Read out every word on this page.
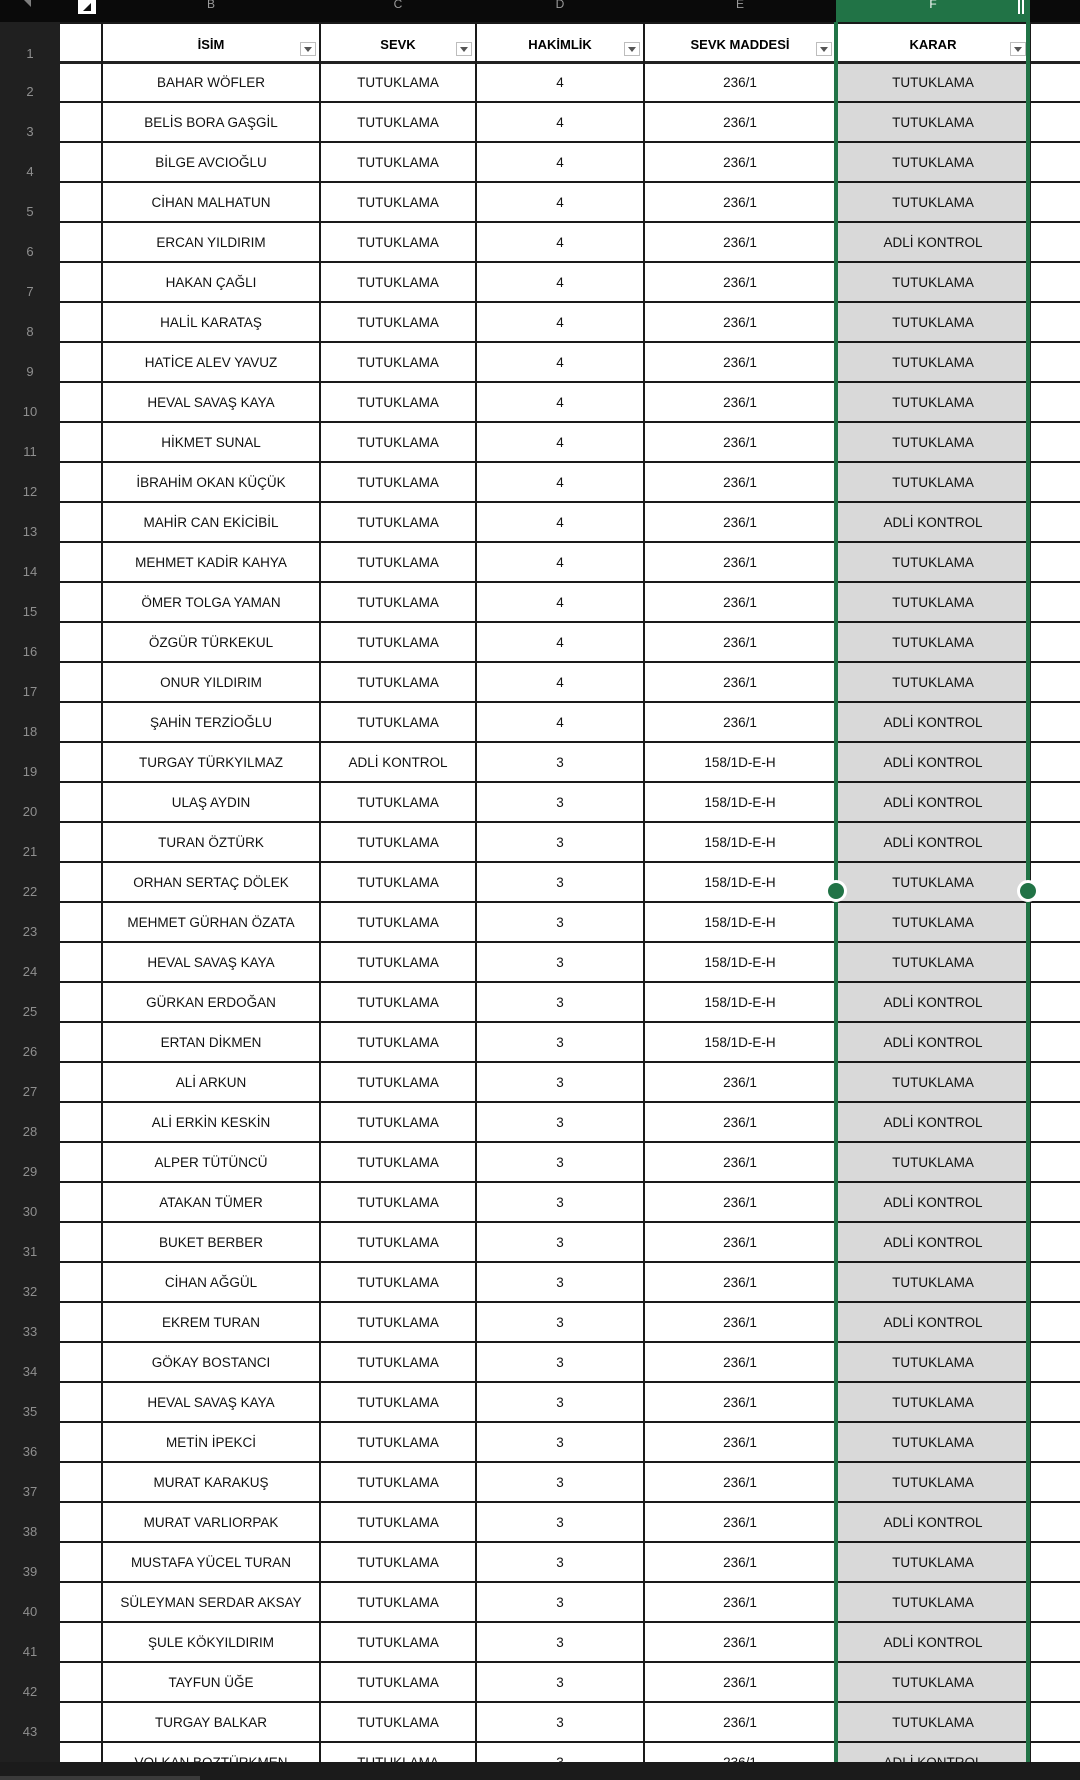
B	C	D	E	F
1
2
3
4
5
6
7
8
9
10
11
12
13
14
15
16
17
18
19
20
21
22
23
24
25
26
27
28
29
30
31
32
33
34
35
36
37
38
39
40
41
42
43
İSİM	SEVK	HAKİMLİK	SEVK MADDESİ	KARAR
BAHAR WÖFLER	TUTUKLAMA	4	236/1	TUTUKLAMA
BELİS BORA GAŞGİL	TUTUKLAMA	4	236/1	TUTUKLAMA
BİLGE AVCIOĞLU	TUTUKLAMA	4	236/1	TUTUKLAMA
CİHAN MALHATUN	TUTUKLAMA	4	236/1	TUTUKLAMA
ERCAN YILDIRIM	TUTUKLAMA	4	236/1	ADLİ KONTROL
HAKAN ÇAĞLI	TUTUKLAMA	4	236/1	TUTUKLAMA
HALİL KARATAŞ	TUTUKLAMA	4	236/1	TUTUKLAMA
HATİCE ALEV YAVUZ	TUTUKLAMA	4	236/1	TUTUKLAMA
HEVAL SAVAŞ KAYA	TUTUKLAMA	4	236/1	TUTUKLAMA
HİKMET SUNAL	TUTUKLAMA	4	236/1	TUTUKLAMA
İBRAHİM OKAN KÜÇÜK	TUTUKLAMA	4	236/1	TUTUKLAMA
MAHİR CAN EKİCİBİL	TUTUKLAMA	4	236/1	ADLİ KONTROL
MEHMET KADİR KAHYA	TUTUKLAMA	4	236/1	TUTUKLAMA
ÖMER TOLGA YAMAN	TUTUKLAMA	4	236/1	TUTUKLAMA
ÖZGÜR TÜRKEKUL	TUTUKLAMA	4	236/1	TUTUKLAMA
ONUR YILDIRIM	TUTUKLAMA	4	236/1	TUTUKLAMA
ŞAHİN TERZİOĞLU	TUTUKLAMA	4	236/1	ADLİ KONTROL
TURGAY TÜRKYILMAZ	ADLİ KONTROL	3	158/1D-E-H	ADLİ KONTROL
ULAŞ AYDIN	TUTUKLAMA	3	158/1D-E-H	ADLİ KONTROL
TURAN ÖZTÜRK	TUTUKLAMA	3	158/1D-E-H	ADLİ KONTROL
ORHAN SERTAÇ DÖLEK	TUTUKLAMA	3	158/1D-E-H	TUTUKLAMA
MEHMET GÜRHAN ÖZATA	TUTUKLAMA	3	158/1D-E-H	TUTUKLAMA
HEVAL SAVAŞ KAYA	TUTUKLAMA	3	158/1D-E-H	TUTUKLAMA
GÜRKAN ERDOĞAN	TUTUKLAMA	3	158/1D-E-H	ADLİ KONTROL
ERTAN DİKMEN	TUTUKLAMA	3	158/1D-E-H	ADLİ KONTROL
ALİ ARKUN	TUTUKLAMA	3	236/1	TUTUKLAMA
ALİ ERKİN KESKİN	TUTUKLAMA	3	236/1	ADLİ KONTROL
ALPER TÜTÜNCÜ	TUTUKLAMA	3	236/1	TUTUKLAMA
ATAKAN TÜMER	TUTUKLAMA	3	236/1	ADLİ KONTROL
BUKET BERBER	TUTUKLAMA	3	236/1	ADLİ KONTROL
CİHAN AĞGÜL	TUTUKLAMA	3	236/1	TUTUKLAMA
EKREM TURAN	TUTUKLAMA	3	236/1	ADLİ KONTROL
GÖKAY BOSTANCI	TUTUKLAMA	3	236/1	TUTUKLAMA
HEVAL SAVAŞ KAYA	TUTUKLAMA	3	236/1	TUTUKLAMA
METİN İPEKCİ	TUTUKLAMA	3	236/1	TUTUKLAMA
MURAT KARAKUŞ	TUTUKLAMA	3	236/1	TUTUKLAMA
MURAT VARLIORPAK	TUTUKLAMA	3	236/1	ADLİ KONTROL
MUSTAFA YÜCEL TURAN	TUTUKLAMA	3	236/1	TUTUKLAMA
SÜLEYMAN SERDAR AKSAY	TUTUKLAMA	3	236/1	TUTUKLAMA
ŞULE KÖKYILDIRIM	TUTUKLAMA	3	236/1	ADLİ KONTROL
TAYFUN ÜĞE	TUTUKLAMA	3	236/1	TUTUKLAMA
TURGAY BALKAR	TUTUKLAMA	3	236/1	TUTUKLAMA
